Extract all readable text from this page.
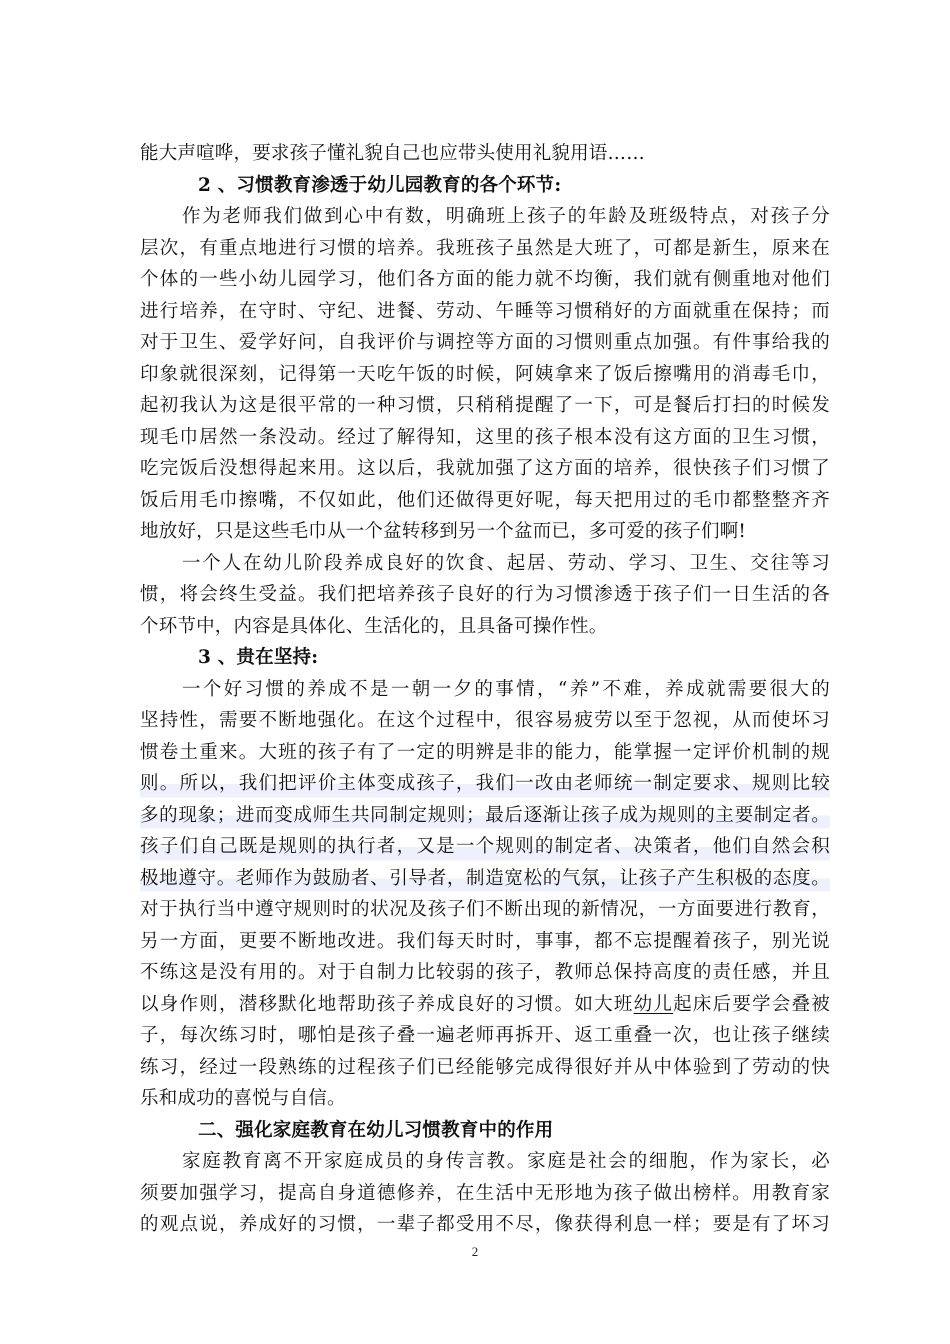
能大声喧哗，要求孩子懂礼貌自己也应带头使用礼貌用语……
2 、习惯教育渗透于幼儿园教育的各个环节:
作为老师我们做到心中有数，明确班上孩子的年龄及班级特点，对孩子分
层次，有重点地进行习惯的培养。我班孩子虽然是大班了，可都是新生，原来在
个体的一些小幼儿园学习，他们各方面的能力就不均衡，我们就有侧重地对他们
进行培养，在守时、守纪、进餐、劳动、午睡等习惯稍好的方面就重在保持；而
对于卫生、爱学好问，自我评价与调控等方面的习惯则重点加强。有件事给我的
印象就很深刻，记得第一天吃午饭的时候，阿姨拿来了饭后擦嘴用的消毒毛巾，
起初我认为这是很平常的一种习惯，只稍稍提醒了一下，可是餐后打扫的时候发
现毛巾居然一条没动。经过了解得知，这里的孩子根本没有这方面的卫生习惯，
吃完饭后没想得起来用。这以后，我就加强了这方面的培养，很快孩子们习惯了
饭后用毛巾擦嘴，不仅如此，他们还做得更好呢，每天把用过的毛巾都整整齐齐
地放好，只是这些毛巾从一个盆转移到另一个盆而已，多可爱的孩子们啊!
一个人在幼儿阶段养成良好的饮食、起居、劳动、学习、卫生、交往等习
惯，将会终生受益。我们把培养孩子良好的行为习惯渗透于孩子们一日生活的各
个环节中，内容是具体化、生活化的，且具备可操作性。
3 、贵在坚持:
一个好习惯的养成不是一朝一夕的事情，“养”不难，养成就需要很大的
坚持性，需要不断地强化。在这个过程中，很容易疲劳以至于忽视，从而使坏习
惯卷土重来。大班的孩子有了一定的明辨是非的能力，能掌握一定评价机制的规
则。所以，我们把评价主体变成孩子，我们一改由老师统一制定要求、规则比较
多的现象；进而变成师生共同制定规则；最后逐渐让孩子成为规则的主要制定者。
孩子们自己既是规则的执行者，又是一个规则的制定者、决策者，他们自然会积
极地遵守。老师作为鼓励者、引导者，制造宽松的气氛，让孩子产生积极的态度。
对于执行当中遵守规则时的状况及孩子们不断出现的新情况，一方面要进行教育，
另一方面，更要不断地改进。我们每天时时，事事，都不忘提醒着孩子，别光说
不练这是没有用的。对于自制力比较弱的孩子，教师总保持高度的责任感，并且
以身作则，潜移默化地帮助孩子养成良好的习惯。如大班幼儿起床后要学会叠被
子，每次练习时，哪怕是孩子叠一遍老师再拆开、返工重叠一次，也让孩子继续
练习，经过一段熟练的过程孩子们已经能够完成得很好并从中体验到了劳动的快
乐和成功的喜悦与自信。
二、强化家庭教育在幼儿习惯教育中的作用
家庭教育离不开家庭成员的身传言教。家庭是社会的细胞，作为家长，必
须要加强学习，提高自身道德修养，在生活中无形地为孩子做出榜样。用教育家
的观点说，养成好的习惯，一辈子都受用不尽，像获得利息一样；要是有了坏习
2
